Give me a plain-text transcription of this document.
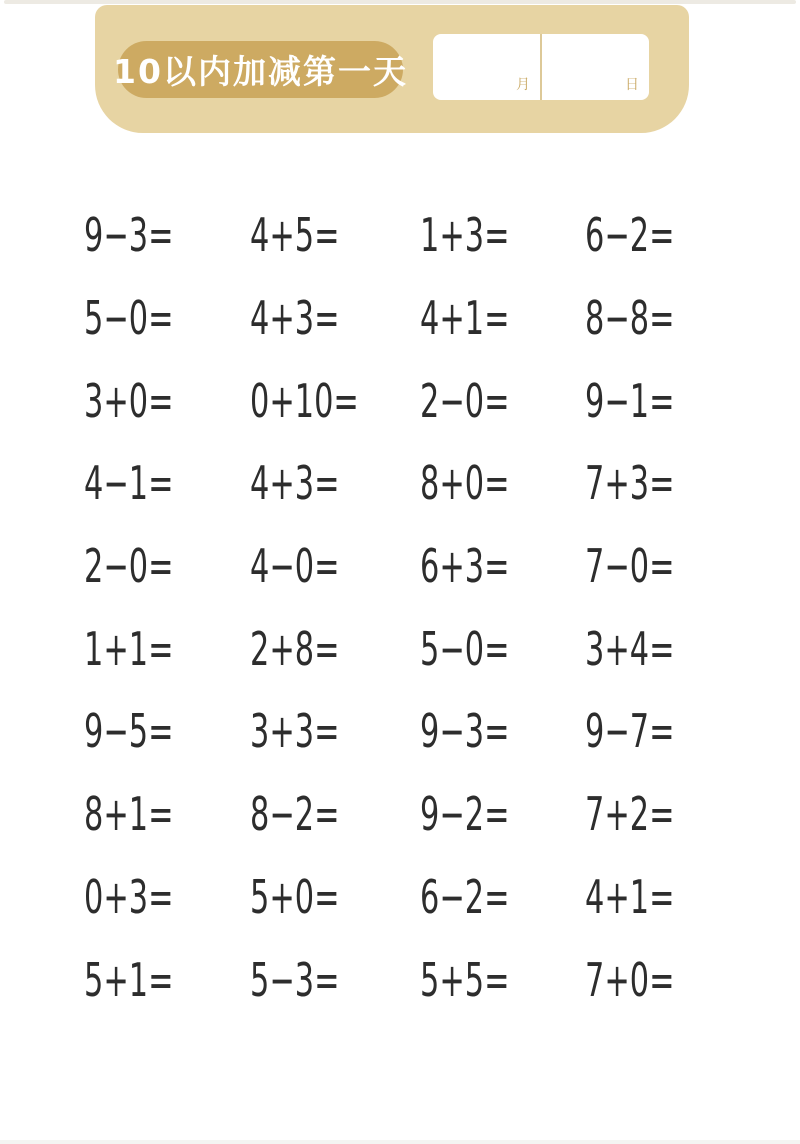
10以内加减第一天	月	日
9−3=	4+5=	1+3=	6−2=
5−0=	4+3=	4+1=	8−8=
3+0=	0+10= 2−0=	9−1=
4−1=	4+3=	8+0=	7+3=
2−0=	4−0=	6+3=	7−0=
1+1=	2+8=	5−0=	3+4=
9−5=	3+3=	9−3=	9−7=
8+1=	8−2=	9−2=	7+2=
0+3=	5+0=	6−2=	4+1=
5+1=	5−3=	5+5=	7+0=
